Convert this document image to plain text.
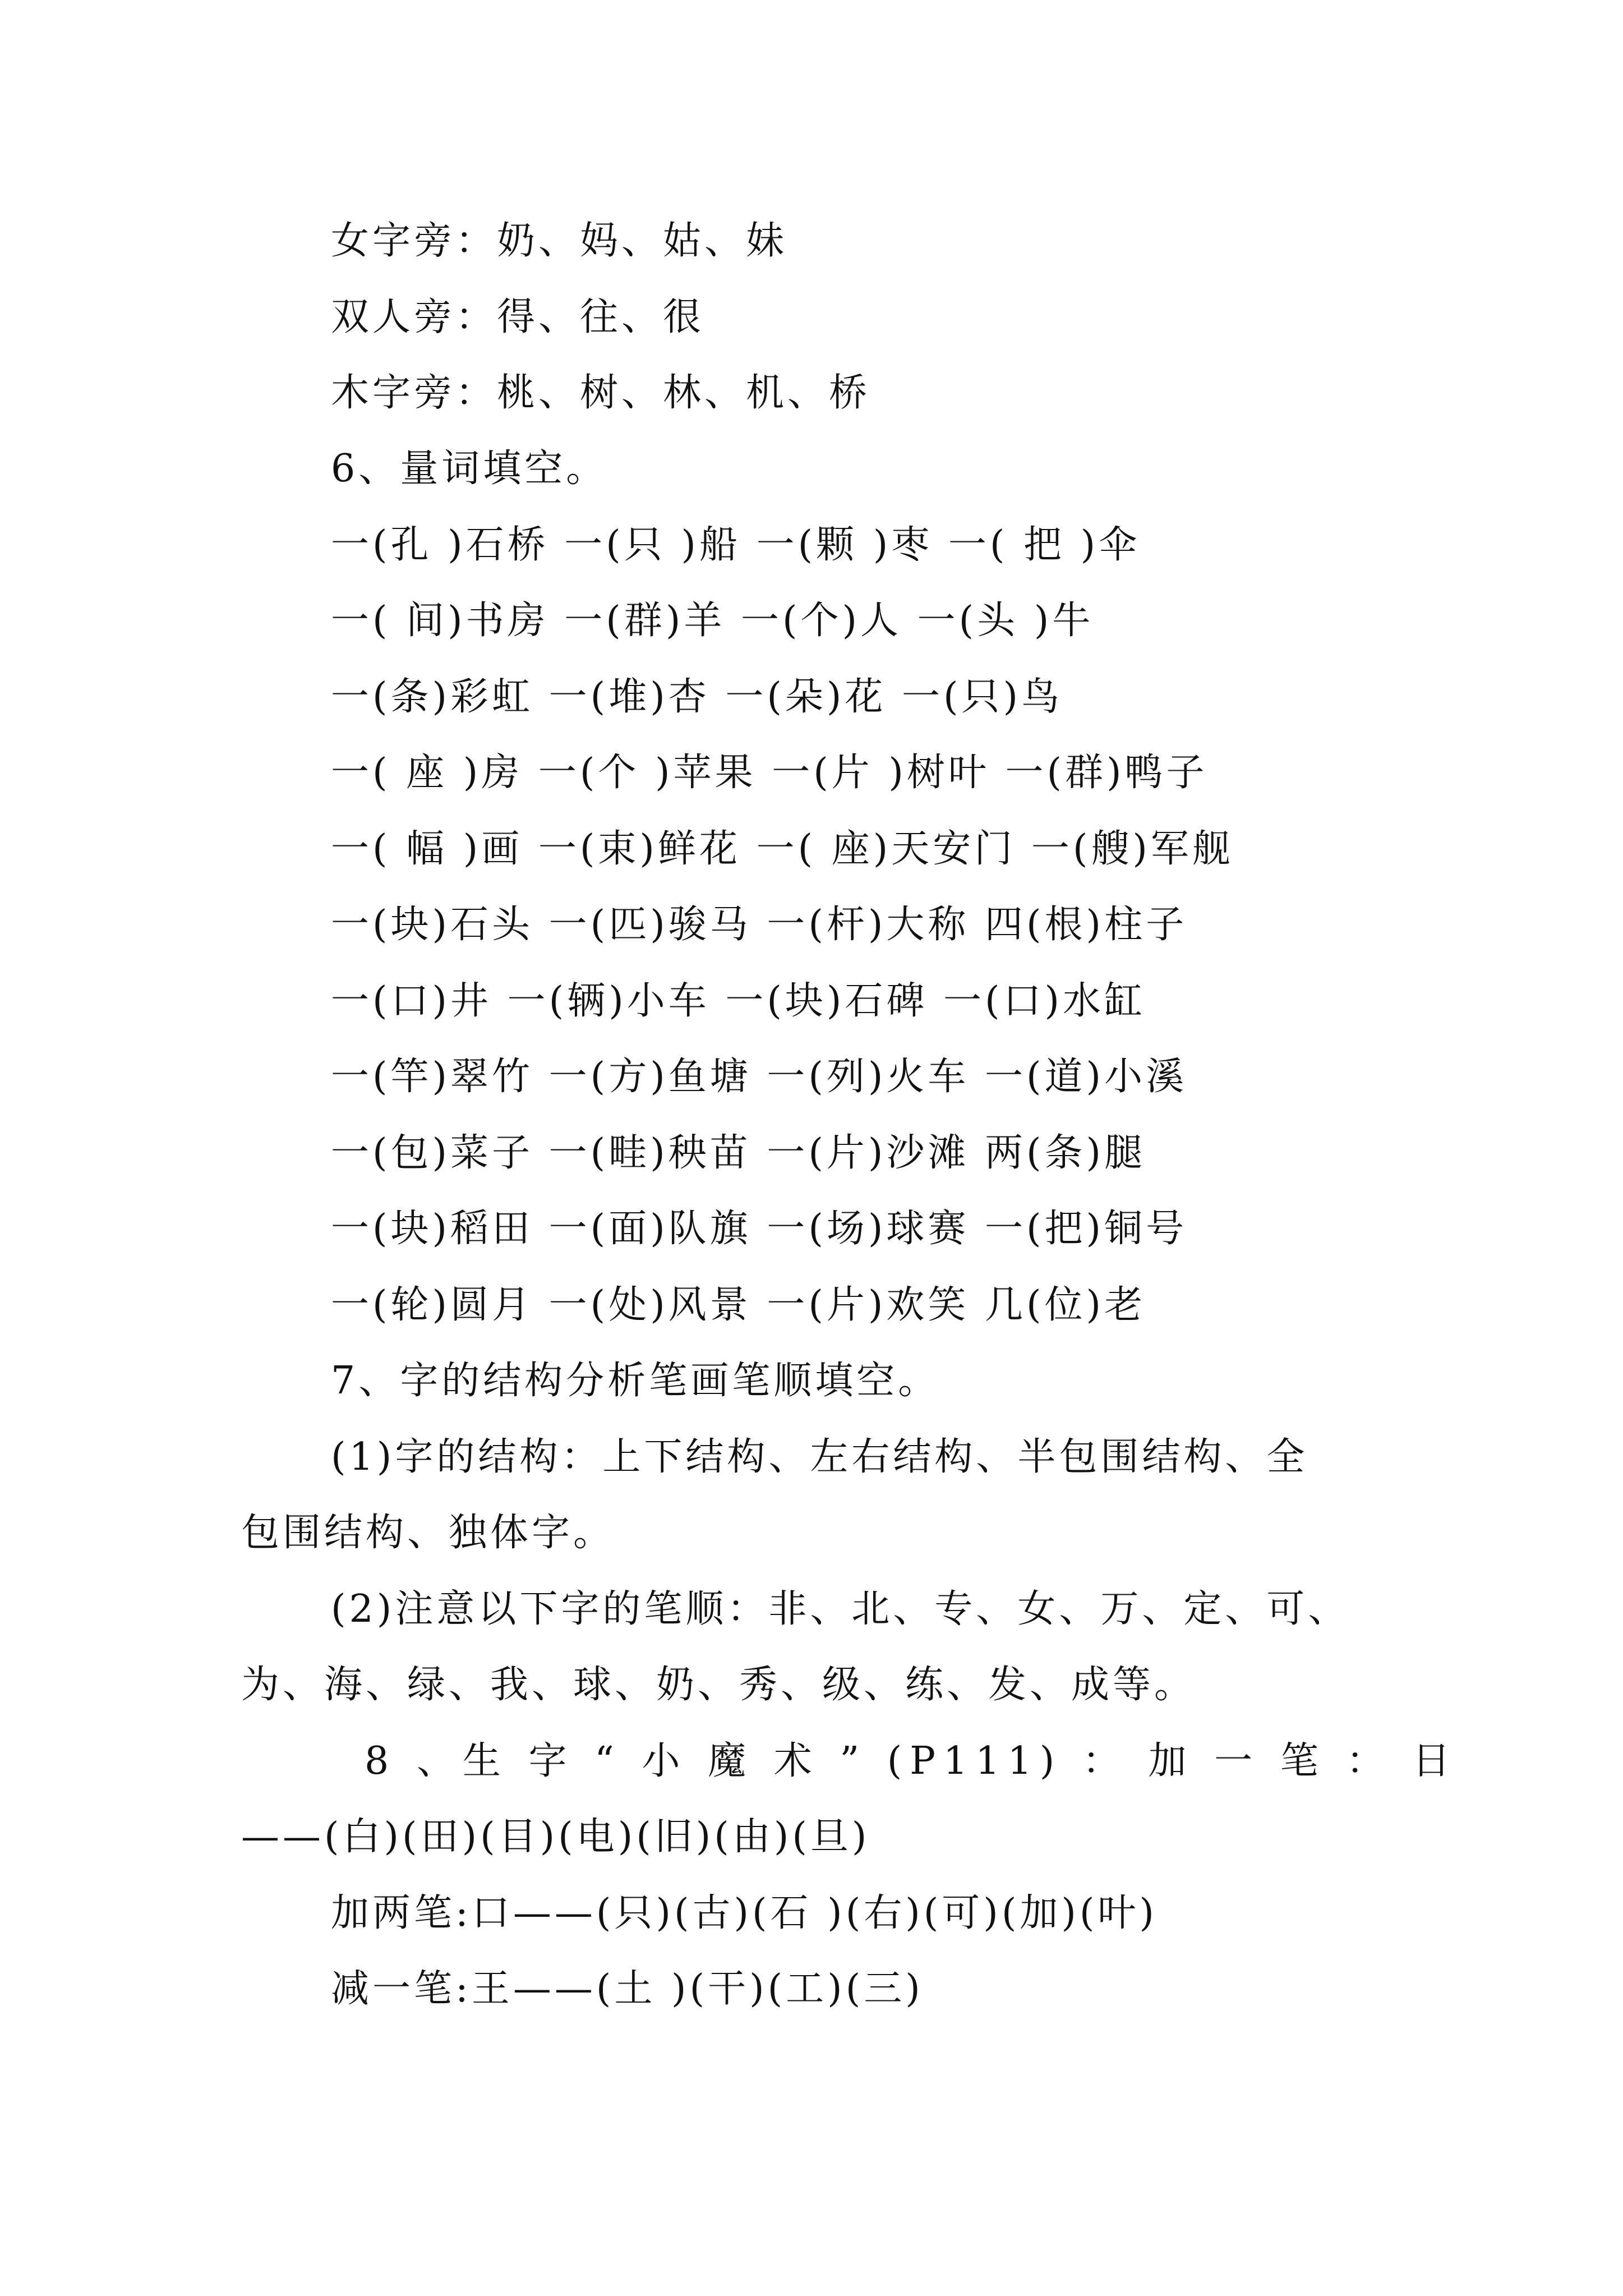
女字旁：奶、妈、姑、妹
双人旁：得、往、很
木字旁：桃、树、林、机、桥
6、量词填空。
一(孔 )石桥 一(只 )船 一(颗 )枣 一( 把 )伞
一( 间)书房 一(群)羊 一(个)人 一(头 )牛
一(条)彩虹 一(堆)杏 一(朵)花 一(只)鸟
一( 座 )房 一(个 )苹果 一(片 )树叶 一(群)鸭子
一( 幅 )画 一(束)鲜花 一( 座)天安门 一(艘)军舰
一(块)石头 一(匹)骏马 一(杆)大称 四(根)柱子
一(口)井 一(辆)小车 一(块)石碑 一(口)水缸
一(竿)翠竹 一(方)鱼塘 一(列)火车 一(道)小溪
一(包)菜子 一(畦)秧苗 一(片)沙滩 两(条)腿
一(块)稻田 一(面)队旗 一(场)球赛 一(把)铜号
一(轮)圆月 一(处)风景 一(片)欢笑 几(位)老
7、字的结构分析笔画笔顺填空。
(1)字的结构：上下结构、左右结构、半包围结构、全
包围结构、独体字。
(2)注意以下字的笔顺：非、北、专、女、万、定、可、
为、海、绿、我、球、奶、秀、级、练、发、成等。
8 、生 字 “ 小 魔 术 ” (P111) ： 加 一 笔 ： 日
——(白)(田)(目)(电)(旧)(由)(旦)
加两笔:口——(只)(古)(石 )(右)(可)(加)(叶)
减一笔:王——(土 )(干)(工)(三)
